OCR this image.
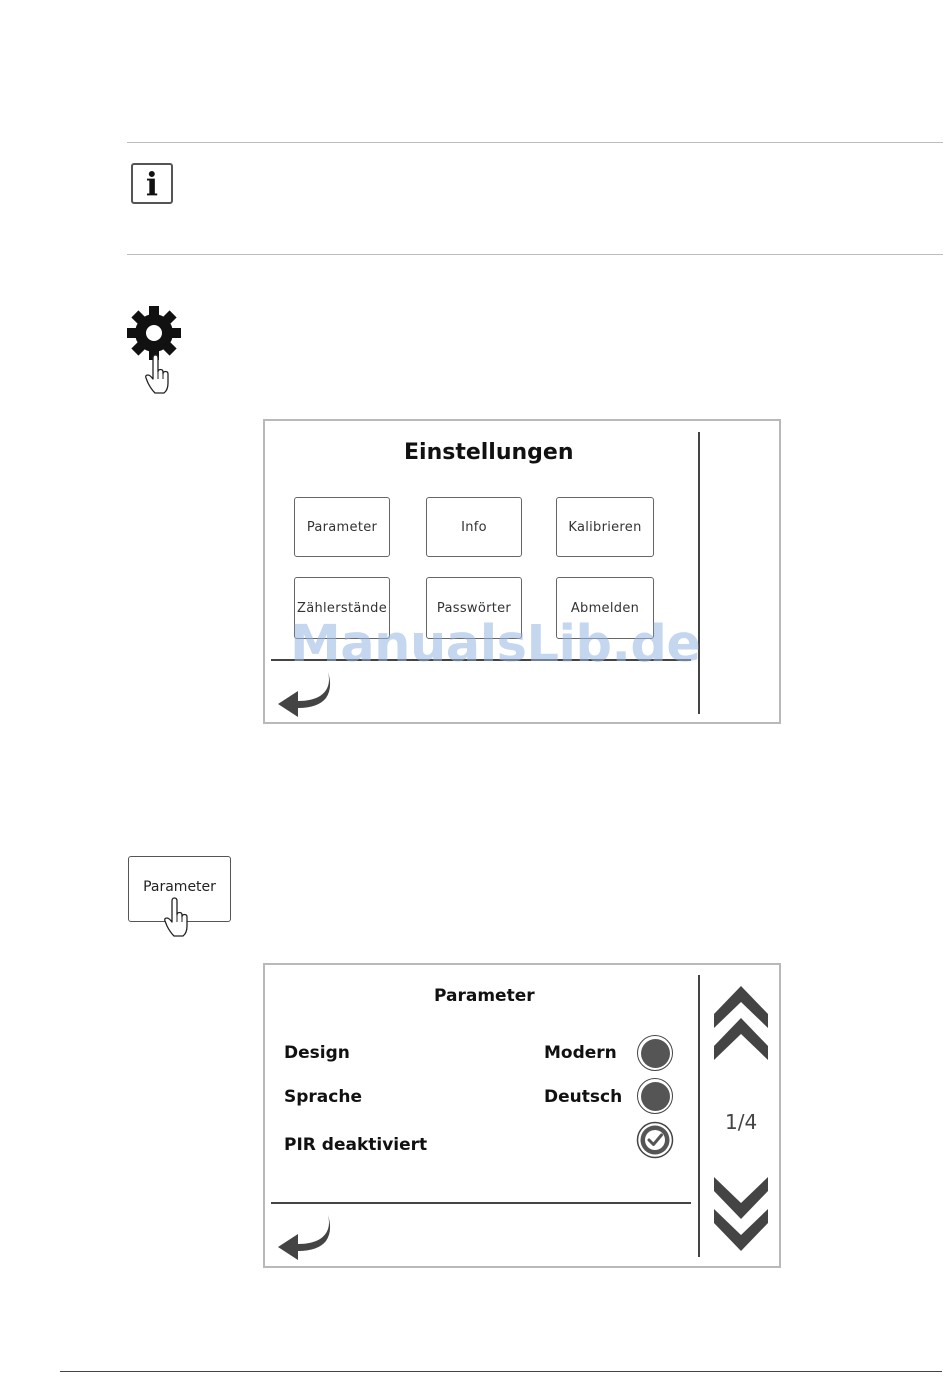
i
Einstellungen
Parameter	Info	Kalibrieren
Zählerstände	Passwörter	Abmelden
ManualsLib.de
Parameter
Parameter
Design	Modern
Sprache	Deutsch
PIR deaktiviert
1/4
